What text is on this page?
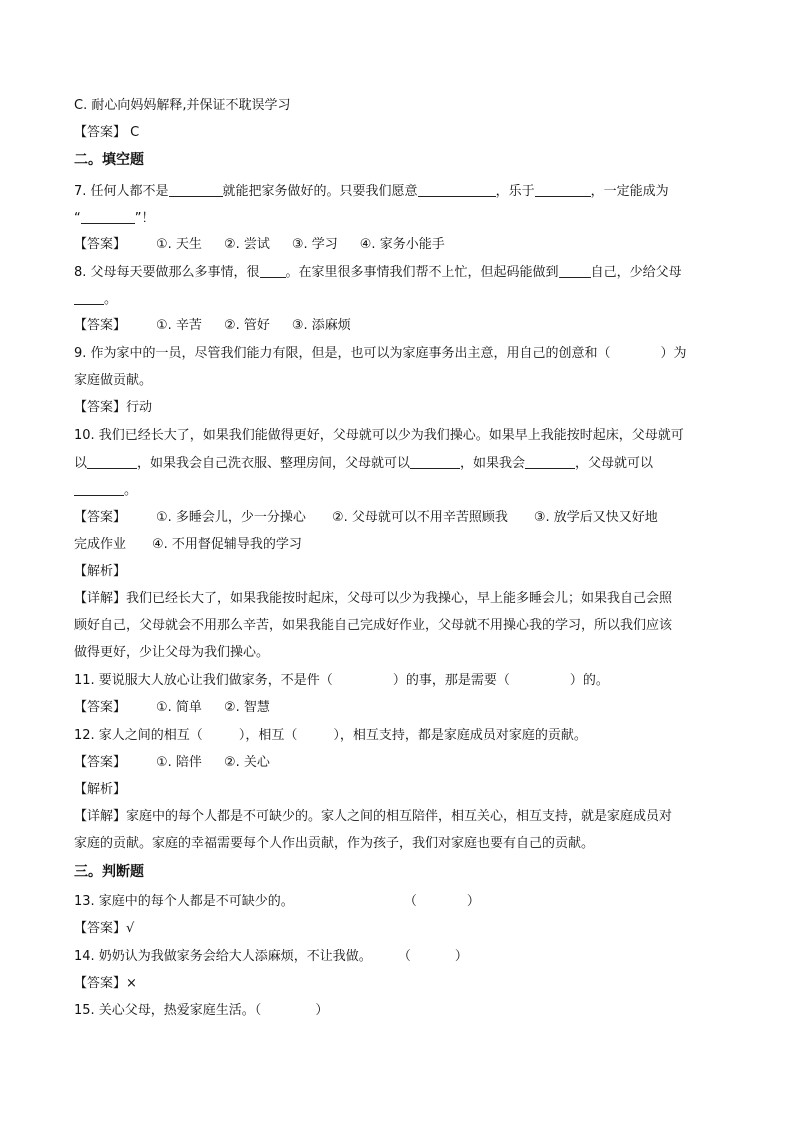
C. 耐心向妈妈解释,并保证不耽误学习
【答案】 C
二。填空题
7. 任何人都不是	就能把家务做好的。只要我们愿意	，乐于	，一定能成为
“	”！
【答案】 ①. 天生 ②. 尝试 ③. 学习 ④. 家务小能手
8. 父母每天要做那么多事情，很 。在家里很多事情我们帮不上忙，但起码能做到 自己，少给父母
。
【答案】 ①. 辛苦 ②. 管好 ③. 添麻烦
9. 作为家中的一员，尽管我们能力有限，但是，也可以为家庭事务出主意，用自己的创意和（	）为
家庭做贡献。
【答案】行动
10. 我们已经长大了，如果我们能做得更好，父母就可以少为我们操心。如果早上我能按时起床，父母就可
以	，如果我会自己洗衣服、整理房间，父母就可以	，如果我会	，父母就可以
。
【答案】 ①. 多睡会儿，少一分操心 ②. 父母就可以不用辛苦照顾我 ③. 放学后又快又好地
完成作业 ④. 不用督促辅导我的学习
【解析】
【详解】我们已经长大了，如果我能按时起床，父母可以少为我操心，早上能多睡会儿；如果我自己会照
顾好自己，父母就会不用那么辛苦，如果我能自己完成好作业，父母就不用操心我的学习，所以我们应该
做得更好，少让父母为我们操心。
11. 要说服大人放心让我们做家务，不是件（	）的事，那是需要（	）的。
【答案】 ①. 简单 ②. 智慧
12. 家人之间的相互（	），相互（	），相互支持，都是家庭成员对家庭的贡献。
【答案】 ①. 陪伴 ②. 关心
【解析】
【详解】家庭中的每个人都是不可缺少的。家人之间的相互陪伴，相互关心，相互支持，就是家庭成员对
家庭的贡献。家庭的幸福需要每个人作出贡献，作为孩子，我们对家庭也要有自己的贡献。
三。判断题
13. 家庭中的每个人都是不可缺少的。	（	）
【答案】√
14. 奶奶认为我做家务会给大人添麻烦，不让我做。 （	）
【答案】×
15. 关心父母，热爱家庭生活。（	）
